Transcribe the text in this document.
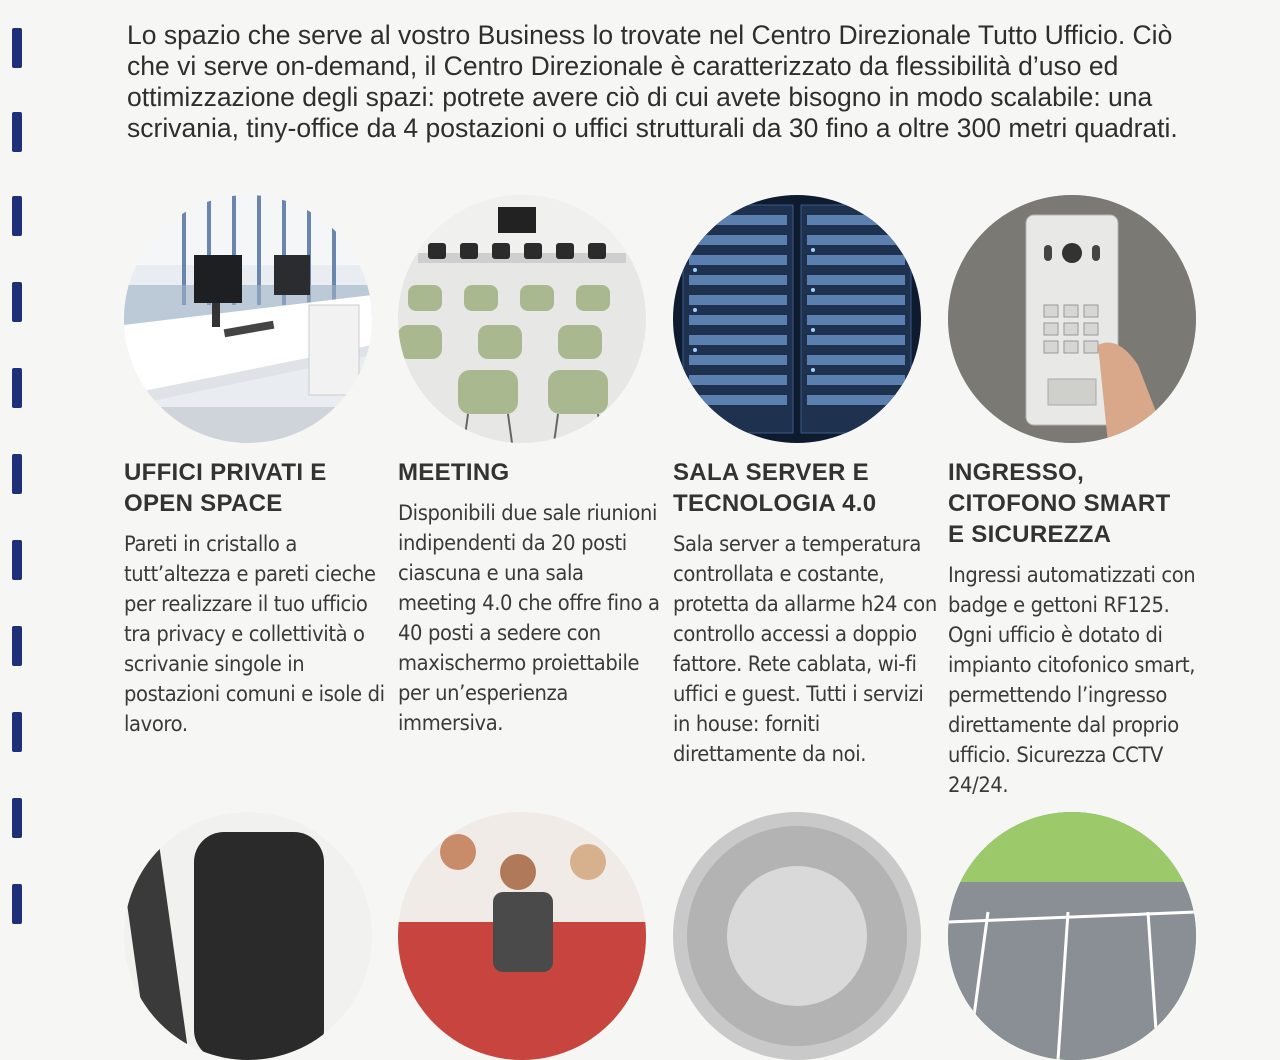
Lo spazio che serve al vostro Business lo trovate nel Centro Direzionale Tutto Ufficio. Ciò che vi serve on-demand, il Centro Direzionale è caratterizzato da flessibilità d’uso ed ottimizzazione degli spazi: potrete avere ciò di cui avete bisogno in modo scalabile: una scrivania, tiny-office da 4 postazioni o uffici strutturali da 30 fino a oltre 300 metri quadrati.

UFFICI PRIVATI E
OPEN SPACE

Pareti in cristallo a tutt’altezza e pareti cieche per realizzare il tuo ufficio tra privacy e collettività o scrivanie singole in postazioni comuni e isole di lavoro.

MEETING

Disponibili due sale riunioni indipendenti da 20 posti ciascuna e una sala meeting 4.0 che offre fino a 40 posti a sedere con maxischermo proiettabile per un’esperienza immersiva.

SALA SERVER E
TECNOLOGIA 4.0

Sala server a temperatura controllata e costante, protetta da allarme h24 con controllo accessi a doppio fattore. Rete cablata, wi-fi uffici e guest. Tutti i servizi in house: forniti direttamente da noi.

INGRESSO,
CITOFONO SMART
E SICUREZZA

Ingressi automatizzati con badge e gettoni RF125. Ogni ufficio è dotato di impianto citofonico smart, permettendo l’ingresso direttamente dal proprio ufficio. Sicurezza CCTV 24/24.
